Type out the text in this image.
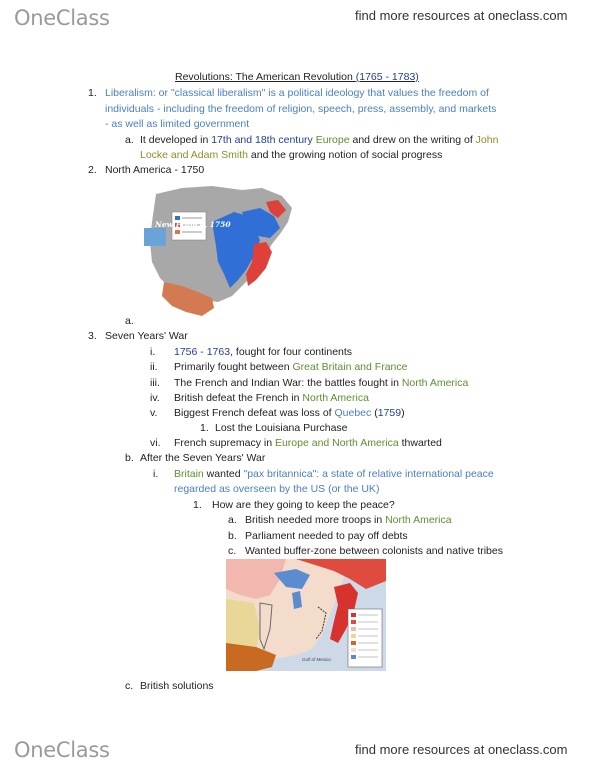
OneClass	find more resources at oneclass.com
Revolutions: The American Revolution (1765 - 1783)
1. Liberalism: or "classical liberalism" is a political ideology that values the freedom of
individuals - including the freedom of religion, speech, press, assembly, and markets
- as well as limited government
a. It developed in 17th and 18th century Europe and drew on the writing of John
Locke and Adam Smith and the growing notion of social progress
2. North America - 1750
New France, 1750
a.
3. Seven Years' War
i. 1756 - 1763, fought for four continents
ii. Primarily fought between Great Britain and France
iii. The French and Indian War: the battles fought in North America
iv. British defeat the French in North America
v. Biggest French defeat was loss of Quebec (1759)
1. Lost the Louisiana Purchase
vi. French supremacy in Europe and North America thwarted
b. After the Seven Years' War
i. Britain wanted "pax britannica": a state of relative international peace
regarded as overseen by the US (or the UK)
1. How are they going to keep the peace?
a. British needed more troops in North America
b. Parliament needed to pay off debts
c. Wanted buffer-zone between colonists and native tribes
Gulf of Mexico
c. British solutions
OneClass	find more resources at oneclass.com
